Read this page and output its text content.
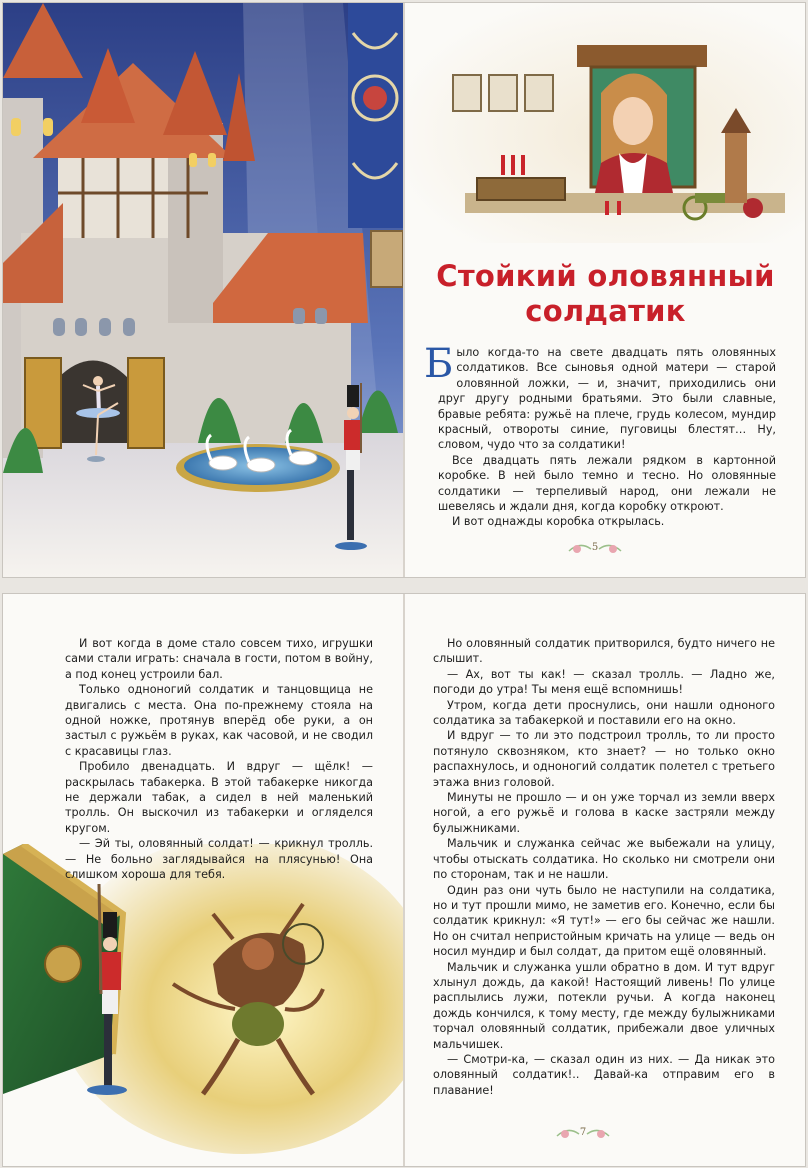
Стойкий оловянный солдатик

Было когда-то на свете двадцать пять оловянных солдатиков. Все сыновья одной матери — старой оловянной ложки, — и, значит, приходились они друг другу родными братьями. Это были славные, бравые ребята: ружьё на плече, грудь колесом, мундир красный, отвороты синие, пуговицы блестят… Ну, словом, чудо что за солдатики!

Все двадцать пять лежали рядком в картонной коробке. В ней было темно и тесно. Но оловянные солдатики — терпеливый народ, они лежали не шевелясь и ждали дня, когда коробку откроют.

И вот однажды коробка открылась.

5

И вот когда в доме стало совсем тихо, игрушки сами стали играть: сначала в гости, потом в войну, а под конец устроили бал.

Только одноногий солдатик и танцовщица не двигались с места. Она по-прежнему стояла на одной ножке, протянув вперёд обе руки, а он застыл с ружьём в руках, как часовой, и не сводил с красавицы глаз.

Пробило двенадцать. И вдруг — щёлк! — раскрылась табакерка. В этой табакерке никогда не держали табак, а сидел в ней маленький тролль. Он выскочил из табакерки и огляделся кругом.

— Эй ты, оловянный солдат! — крикнул тролль. — Не больно заглядывайся на плясунью! Она слишком хороша для тебя.

Но оловянный солдатик притворился, будто ничего не слышит.

— Ах, вот ты как! — сказал тролль. — Ладно же, погоди до утра! Ты меня ещё вспомнишь!

Утром, когда дети проснулись, они нашли одноного солдатика за табакеркой и поставили его на окно.

И вдруг — то ли это подстроил тролль, то ли просто потянуло сквозняком, кто знает? — но только окно распахнулось, и одноногий солдатик полетел с третьего этажа вниз головой.

Минуты не прошло — и он уже торчал из земли вверх ногой, а его ружьё и голова в каске застряли между булыжниками.

Мальчик и служанка сейчас же выбежали на улицу, чтобы отыскать солдатика. Но сколько ни смотрели они по сторонам, так и не нашли.

Один раз они чуть было не наступили на солдатика, но и тут прошли мимо, не заметив его. Конечно, если бы солдатик крикнул: «Я тут!» — его бы сейчас же нашли. Но он считал непристойным кричать на улице — ведь он носил мундир и был солдат, да притом ещё оловянный.

Мальчик и служанка ушли обратно в дом. И тут вдруг хлынул дождь, да какой! Настоящий ливень! По улице расплылись лужи, потекли ручьи. А когда наконец дождь кончился, к тому месту, где между булыжниками торчал оловянный солдатик, прибежали двое уличных мальчишек.

— Смотри-ка, — сказал один из них. — Да никак это оловянный солдатик!.. Давай-ка отправим его в плавание!

7
